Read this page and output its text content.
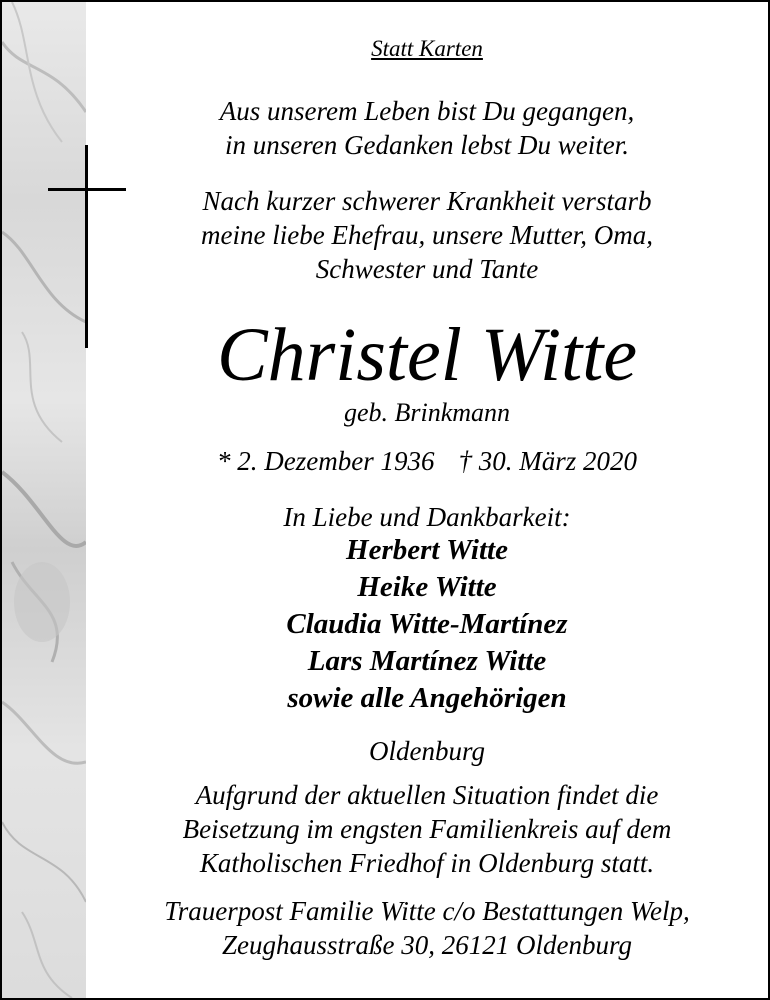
Statt Karten
Aus unserem Leben bist Du gegangen,
in unseren Gedanken lebst Du weiter.
Nach kurzer schwerer Krankheit verstarb
meine liebe Ehefrau, unsere Mutter, Oma,
Schwester und Tante
Christel Witte
geb. Brinkmann
* 2. Dezember 1936 † 30. März 2020
In Liebe und Dankbarkeit:
Herbert Witte
Heike Witte
Claudia Witte-Martínez
Lars Martínez Witte
sowie alle Angehörigen
Oldenburg
Aufgrund der aktuellen Situation findet die
Beisetzung im engsten Familienkreis auf dem
Katholischen Friedhof in Oldenburg statt.
Trauerpost Familie Witte c/o Bestattungen Welp,
Zeughausstraße 30, 26121 Oldenburg
